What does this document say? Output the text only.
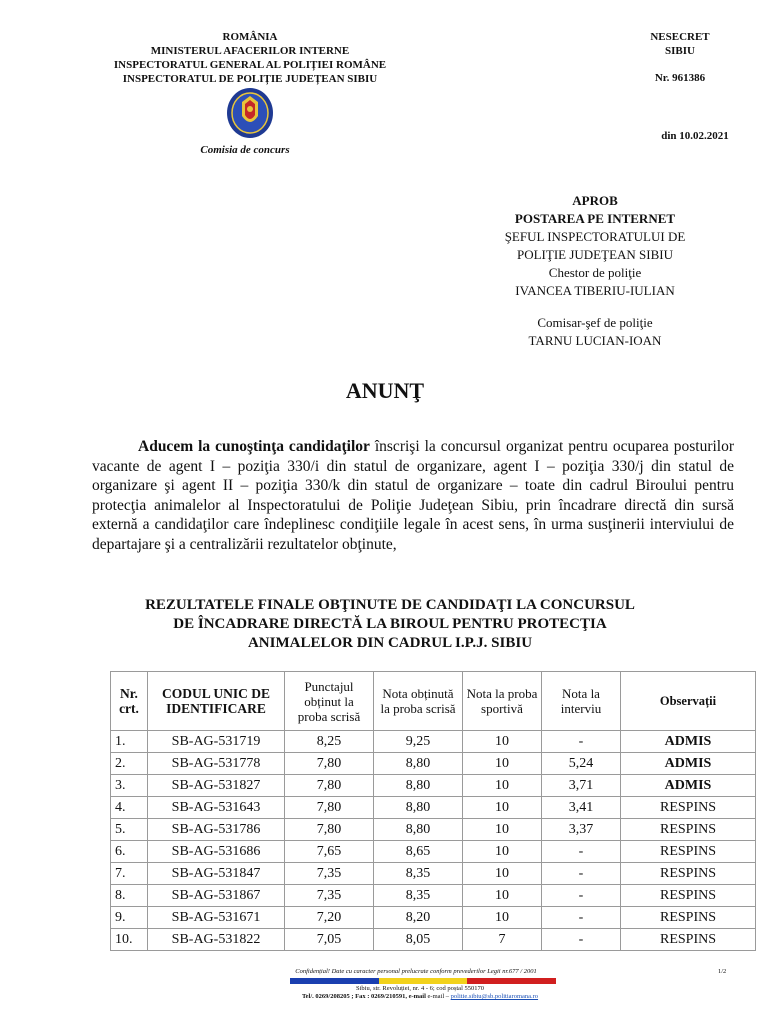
ROMÂNIA
MINISTERUL AFACERILOR INTERNE
INSPECTORATUL GENERAL AL POLIȚIEI ROMÂNE
INSPECTORATUL DE POLIȚIE JUDEȚEAN SIBIU
NESECRET
SIBIU
Nr. 961386
din 10.02.2021
Comisia de concurs
APROB
POSTAREA PE INTERNET
ŞEFUL INSPECTORATULUI DE
POLIŢIE JUDEŢEAN SIBIU
Chestor de poliţie
IVANCEA TIBERIU-IULIAN
Comisar-şef de poliţie
TARNU LUCIAN-IOAN
ANUNŢ
Aducem la cunoştinţa candidaţilor înscrişi la concursul organizat pentru ocuparea posturilor vacante de agent I – poziţia 330/i din statul de organizare, agent I – poziţia 330/j din statul de organizare şi agent II – poziţia 330/k din statul de organizare – toate din cadrul Biroului pentru protecţia animalelor al Inspectoratului de Poliţie Judeţean Sibiu, prin încadrare directă din sursă externă a candidaţilor care îndeplinesc condiţiile legale în acest sens, în urma susţinerii interviului de departajare şi a centralizării rezultatelor obţinute,
REZULTATELE FINALE OBŢINUTE DE CANDIDAŢI LA CONCURSUL
DE ÎNCADRARE DIRECTĂ LA BIROUL PENTRU PROTECŢIA
ANIMALELOR DIN CADRUL I.P.J. SIBIU
Nr. crt.	CODUL UNIC DE IDENTIFICARE	Punctajul obținut la proba scrisă	Nota obținută la proba scrisă	Nota la proba sportivă	Nota la interviu	Observații
1.	SB-AG-531719	8,25	9,25	10	-	ADMIS
2.	SB-AG-531778	7,80	8,80	10	5,24	ADMIS
3.	SB-AG-531827	7,80	8,80	10	3,71	ADMIS
4.	SB-AG-531643	7,80	8,80	10	3,41	RESPINS
5.	SB-AG-531786	7,80	8,80	10	3,37	RESPINS
6.	SB-AG-531686	7,65	8,65	10	-	RESPINS
7.	SB-AG-531847	7,35	8,35	10	-	RESPINS
8.	SB-AG-531867	7,35	8,35	10	-	RESPINS
9.	SB-AG-531671	7,20	8,20	10	-	RESPINS
10.	SB-AG-531822	7,05	8,05	7	-	RESPINS
Confidențial! Date cu caracter personal prelucrate conform prevederilor Legii nr.677 / 2001	1/2
Sibiu, str. Revoluției, nr. 4 - 6; cod poștal 550170
Tel/. 0269/208205 ; Fax : 0269/210591, e-mail e-mail – politie.sibiu@sb.politiaromana.ro
